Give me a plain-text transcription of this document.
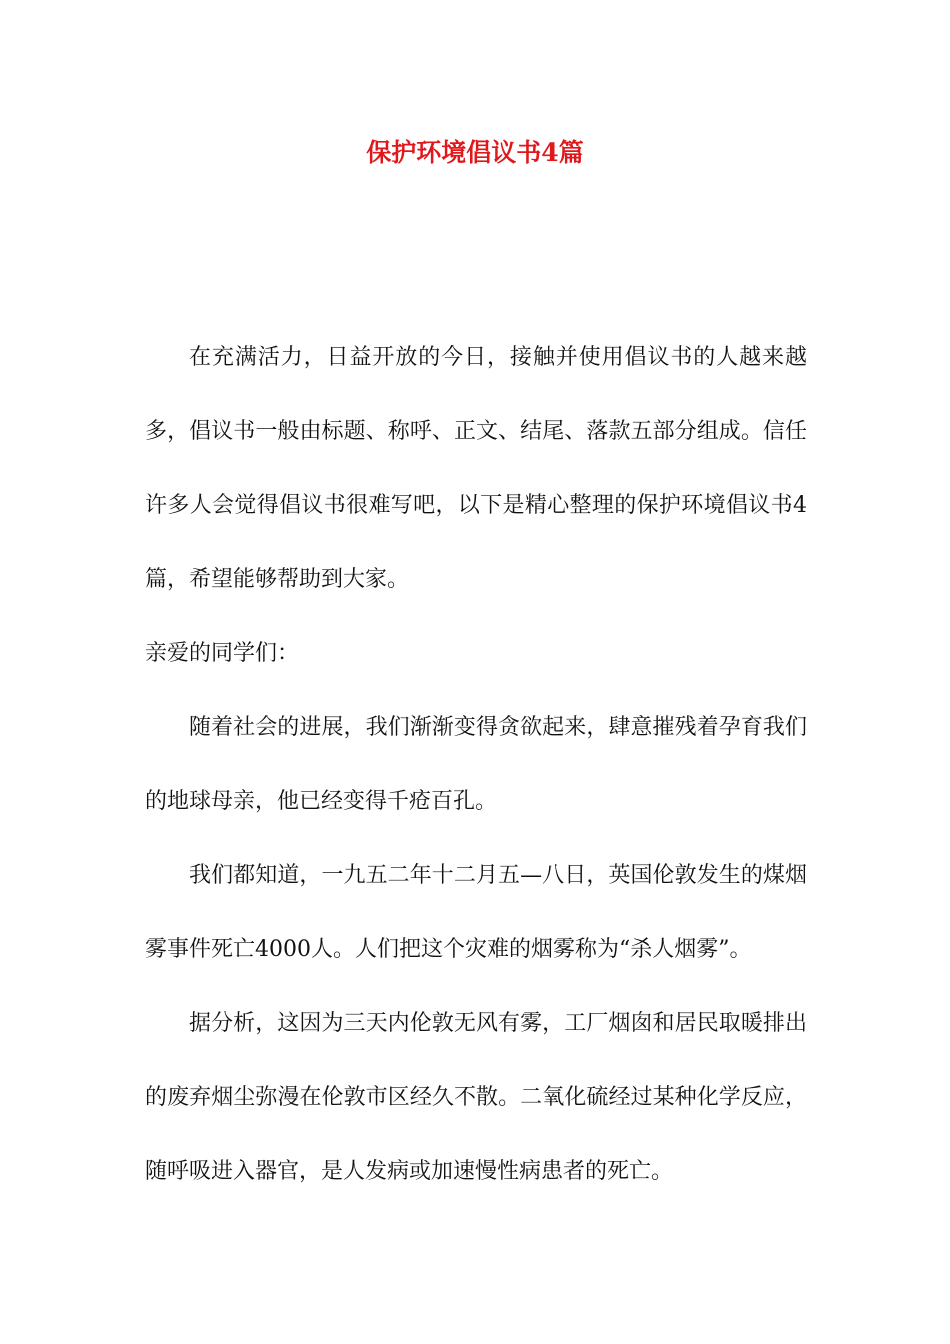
保护环境倡议书4篇

在充满活力，日益开放的今日，接触并使用倡议书的人越来越多，倡议书一般由标题、称呼、正文、结尾、落款五部分组成。信任许多人会觉得倡议书很难写吧，以下是精心整理的保护环境倡议书4篇，希望能够帮助到大家。

亲爱的同学们：

随着社会的进展，我们渐渐变得贪欲起来，肆意摧残着孕育我们的地球母亲，他已经变得千疮百孔。

我们都知道，一九五二年十二月五—八日，英国伦敦发生的煤烟雾事件死亡4000人。人们把这个灾难的烟雾称为“杀人烟雾”。

据分析，这因为三天内伦敦无风有雾，工厂烟囱和居民取暖排出的废弃烟尘弥漫在伦敦市区经久不散。二氧化硫经过某种化学反应，随呼吸进入器官，是人发病或加速慢性病患者的死亡。
